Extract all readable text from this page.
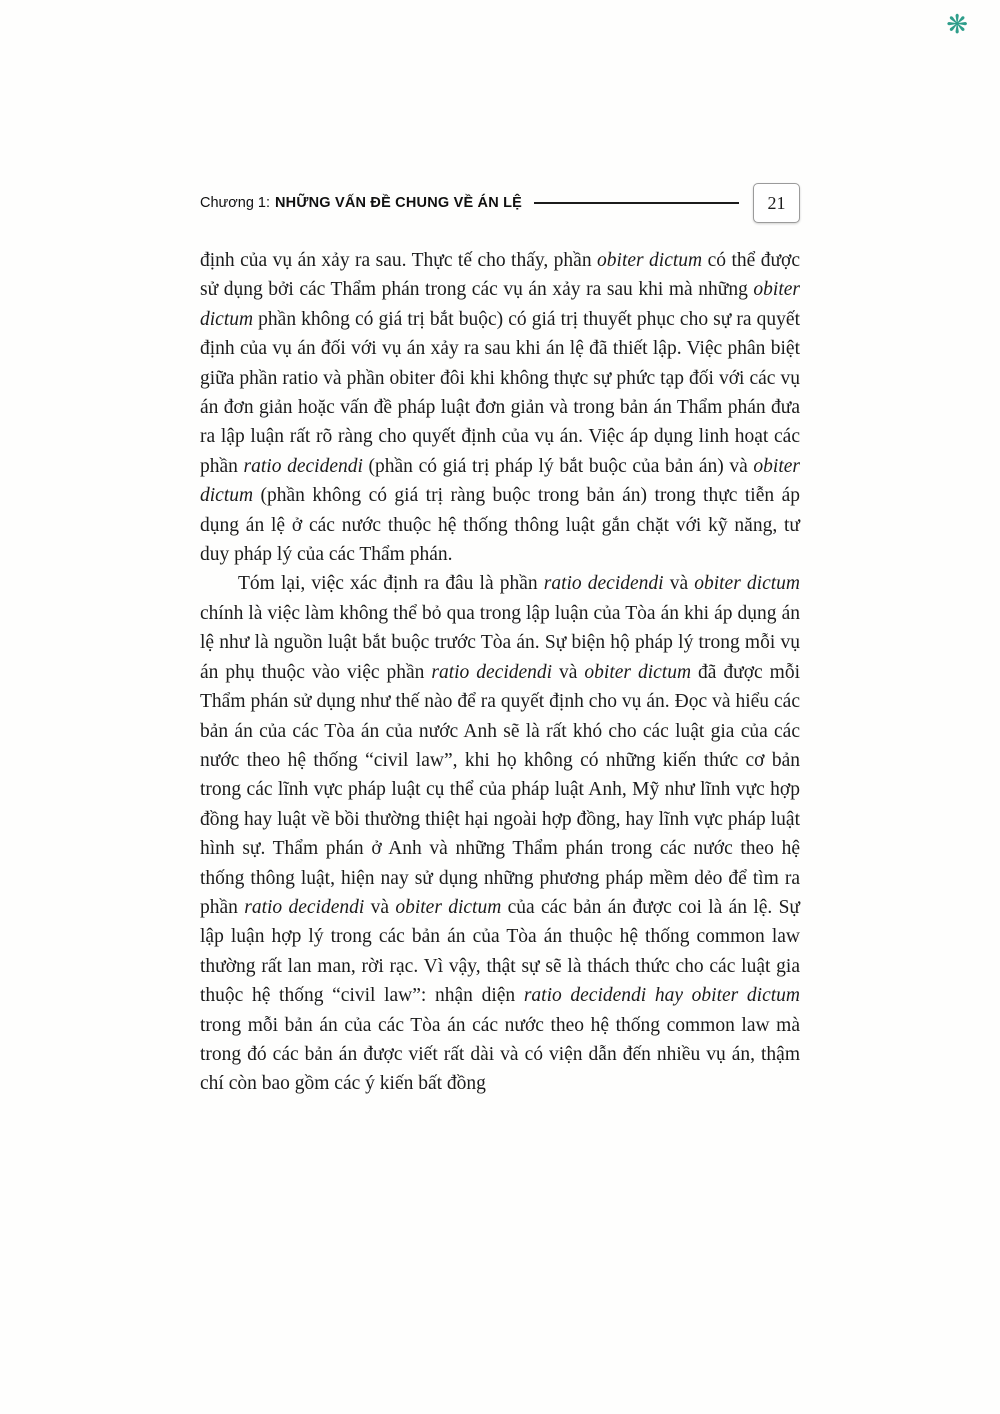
❋
Chương 1: NHỮNG VẤN ĐỀ CHUNG VỀ ÁN LỆ	21

định của vụ án xảy ra sau. Thực tế cho thấy, phần obiter dictum có thể được sử dụng bởi các Thẩm phán trong các vụ án xảy ra sau khi mà những obiter dictum phần không có giá trị bắt buộc) có giá trị thuyết phục cho sự ra quyết định của vụ án đối với vụ án xảy ra sau khi án lệ đã thiết lập. Việc phân biệt giữa phần ratio và phần obiter đôi khi không thực sự phức tạp đối với các vụ án đơn giản hoặc vấn đề pháp luật đơn giản và trong bản án Thẩm phán đưa ra lập luận rất rõ ràng cho quyết định của vụ án. Việc áp dụng linh hoạt các phần ratio decidendi (phần có giá trị pháp lý bắt buộc của bản án) và obiter dictum (phần không có giá trị ràng buộc trong bản án) trong thực tiễn áp dụng án lệ ở các nước thuộc hệ thống thông luật gắn chặt với kỹ năng, tư duy pháp lý của các Thẩm phán.

Tóm lại, việc xác định ra đâu là phần ratio decidendi và obiter dictum chính là việc làm không thể bỏ qua trong lập luận của Tòa án khi áp dụng án lệ như là nguồn luật bắt buộc trước Tòa án. Sự biện hộ pháp lý trong mỗi vụ án phụ thuộc vào việc phần ratio decidendi và obiter dictum đã được mỗi Thẩm phán sử dụng như thế nào để ra quyết định cho vụ án. Đọc và hiểu các bản án của các Tòa án của nước Anh sẽ là rất khó cho các luật gia của các nước theo hệ thống “civil law”, khi họ không có những kiến thức cơ bản trong các lĩnh vực pháp luật cụ thể của pháp luật Anh, Mỹ như lĩnh vực hợp đồng hay luật về bồi thường thiệt hại ngoài hợp đồng, hay lĩnh vực pháp luật hình sự. Thẩm phán ở Anh và những Thẩm phán trong các nước theo hệ thống thông luật, hiện nay sử dụng những phương pháp mềm dẻo để tìm ra phần ratio decidendi và obiter dictum của các bản án được coi là án lệ. Sự lập luận hợp lý trong các bản án của Tòa án thuộc hệ thống common law thường rất lan man, rời rạc. Vì vậy, thật sự sẽ là thách thức cho các luật gia thuộc hệ thống “civil law”: nhận diện ratio decidendi hay obiter dictum trong mỗi bản án của các Tòa án các nước theo hệ thống common law mà trong đó các bản án được viết rất dài và có viện dẫn đến nhiều vụ án, thậm chí còn bao gồm các ý kiến bất đồng
